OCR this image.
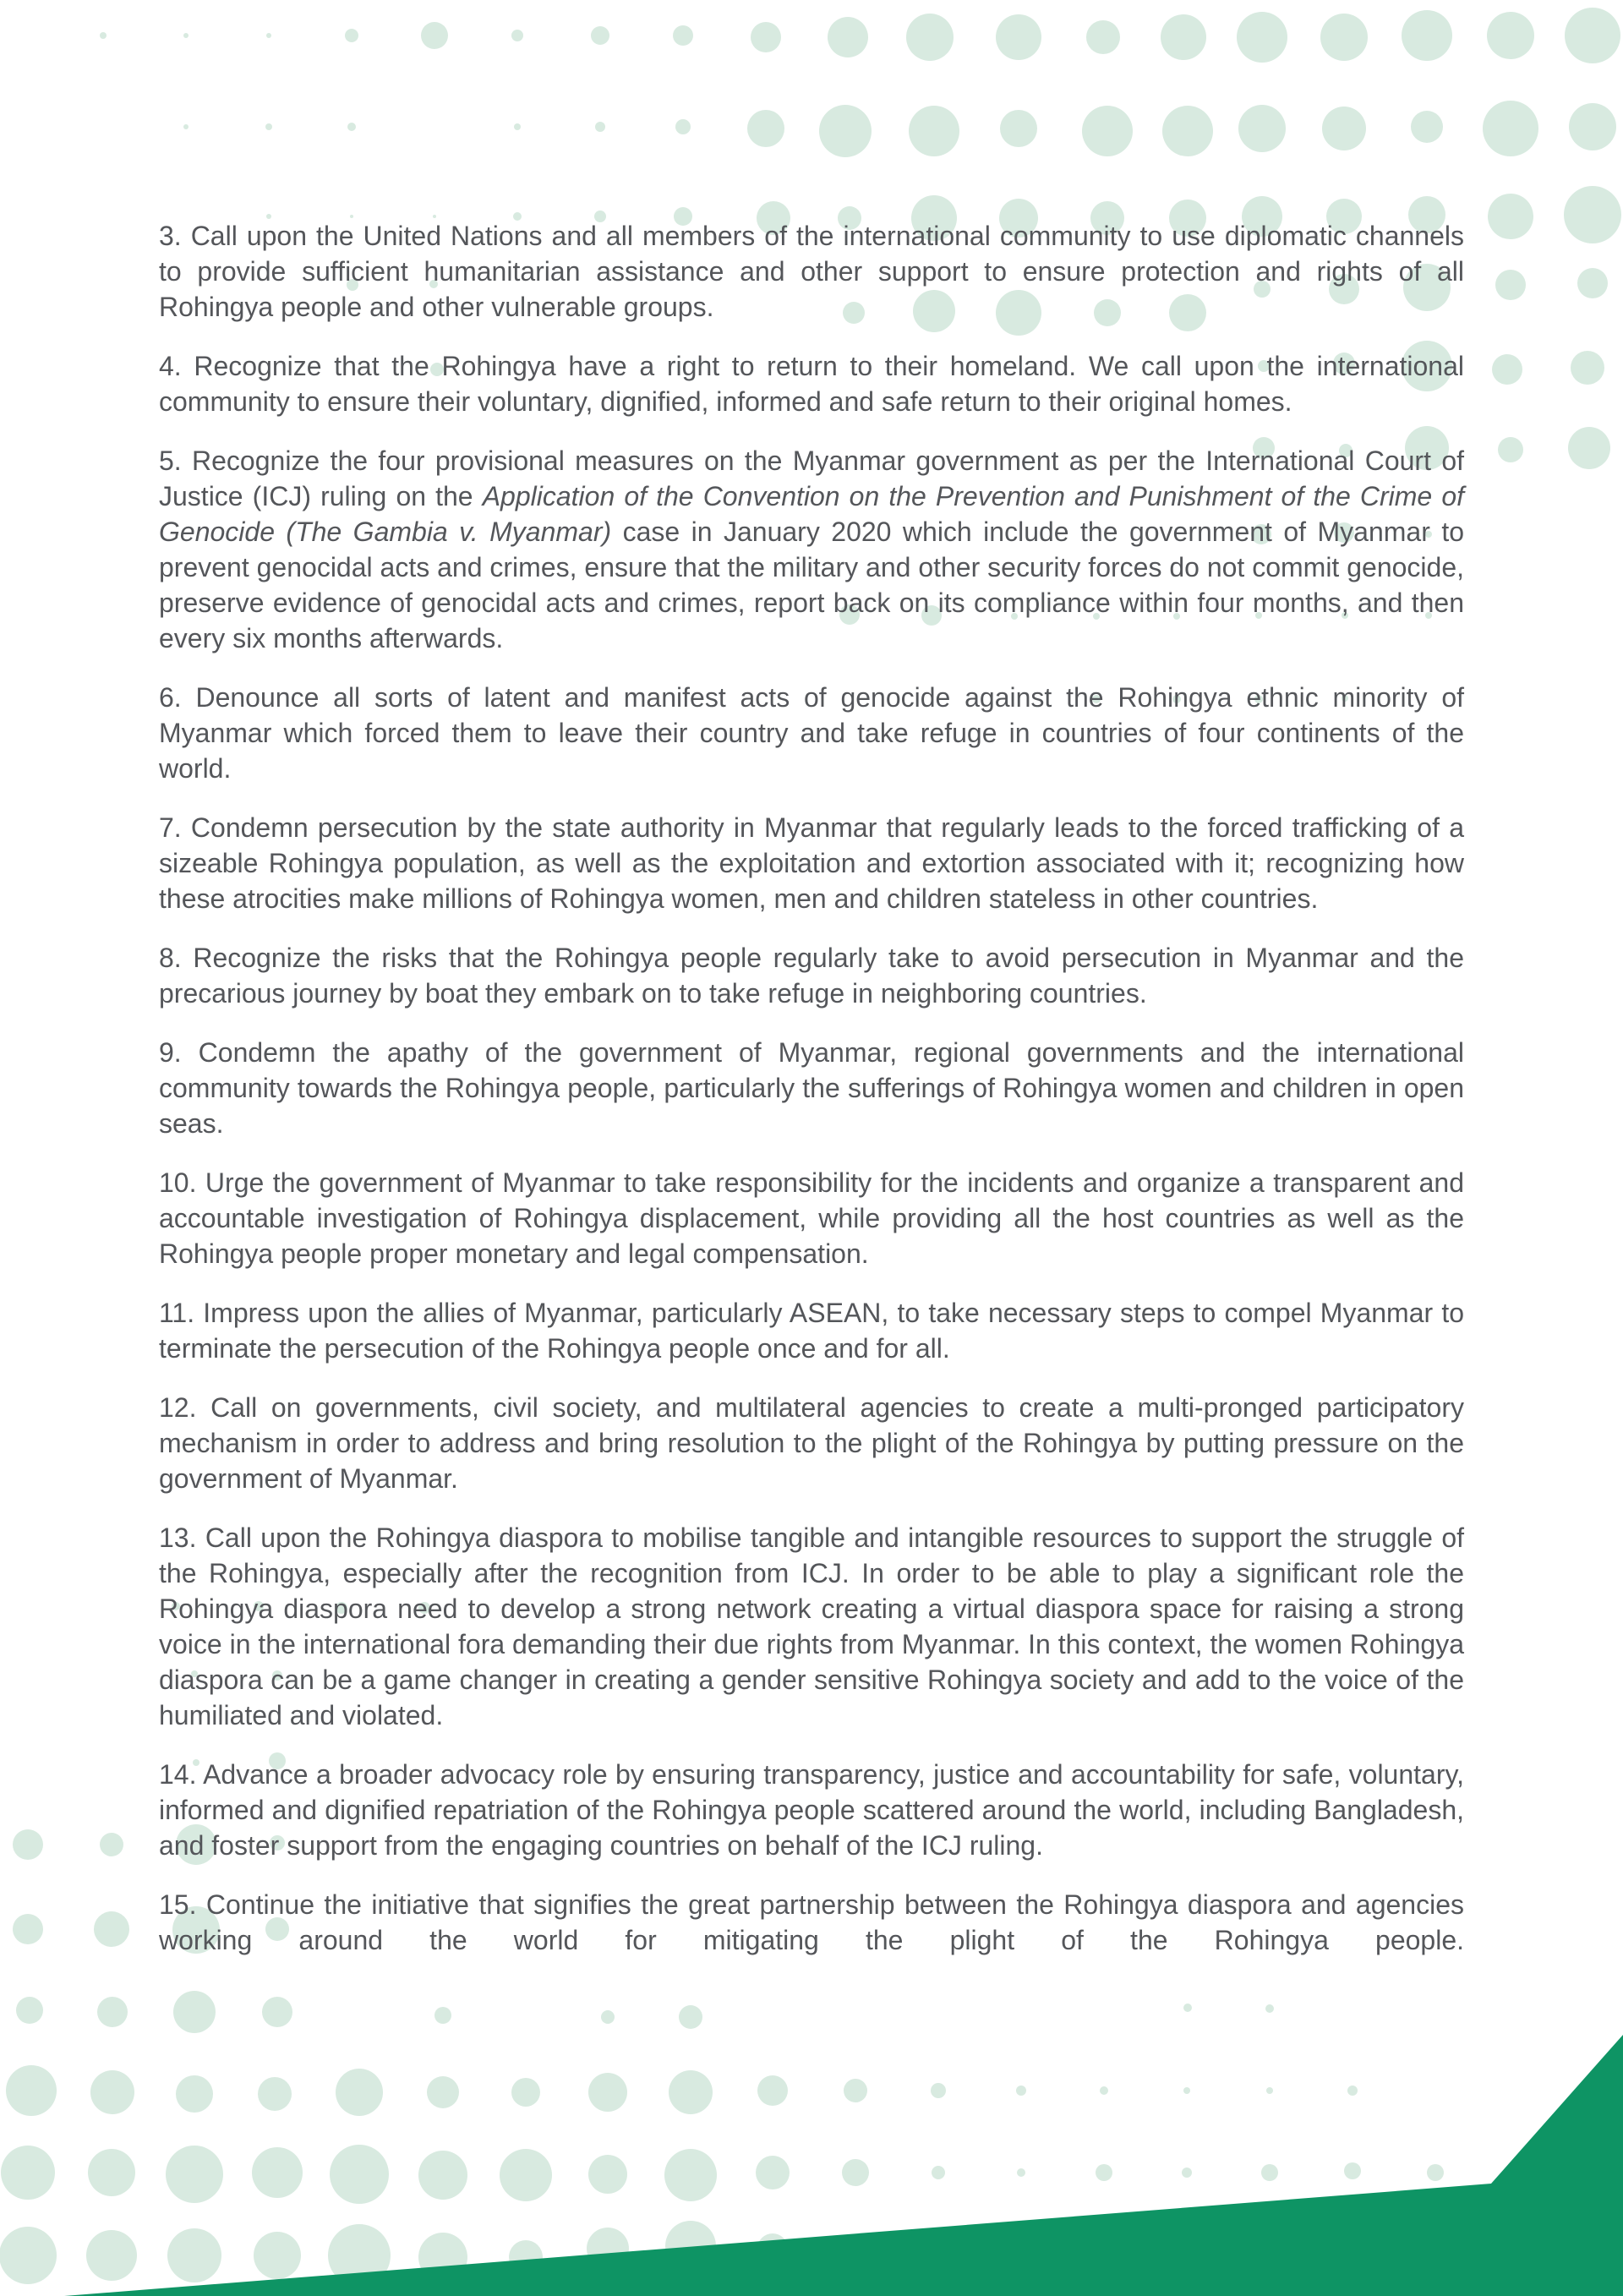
3. Call upon the United Nations and all members of the international community to use diplomatic channels to provide sufficient humanitarian assistance and other support to ensure protection and rights of all Rohingya people and other vulnerable groups.

4. Recognize that the Rohingya have a right to return to their homeland. We call upon the international community to ensure their voluntary, dignified, informed and safe return to their original homes.

5. Recognize the four provisional measures on the Myanmar government as per the International Court of Justice (ICJ) ruling on the Application of the Convention on the Prevention and Punishment of the Crime of Genocide (The Gambia v. Myanmar) case in January 2020 which include the government of Myanmar to prevent genocidal acts and crimes, ensure that the military and other security forces do not commit genocide, preserve evidence of genocidal acts and crimes, report back on its compliance within four months, and then every six months afterwards.

6. Denounce all sorts of latent and manifest acts of genocide against the Rohingya ethnic minority of Myanmar which forced them to leave their country and take refuge in countries of four continents of the world.

7. Condemn persecution by the state authority in Myanmar that regularly leads to the forced trafficking of a sizeable Rohingya population, as well as the exploitation and extortion associated with it; recognizing how these atrocities make millions of Rohingya women, men and children stateless in other countries.

8. Recognize the risks that the Rohingya people regularly take to avoid persecution in Myanmar and the precarious journey by boat they embark on to take refuge in neighboring countries.

9. Condemn the apathy of the government of Myanmar, regional governments and the international community towards the Rohingya people, particularly the sufferings of Rohingya women and children in open seas.

10. Urge the government of Myanmar to take responsibility for the incidents and organize a transparent and accountable investigation of Rohingya displacement, while providing all the host countries as well as the Rohingya people proper monetary and legal compensation.

11. Impress upon the allies of Myanmar, particularly ASEAN, to take necessary steps to compel Myanmar to terminate the persecution of the Rohingya people once and for all.

12. Call on governments, civil society, and multilateral agencies to create a multi-pronged participatory mechanism in order to address and bring resolution to the plight of the Rohingya by putting pressure on the government of Myanmar.

13. Call upon the Rohingya diaspora to mobilise tangible and intangible resources to support the struggle of the Rohingya, especially after the recognition from ICJ. In order to be able to play a significant role the Rohingya diaspora need to develop a strong network creating a virtual diaspora space for raising a strong voice in the international fora demanding their due rights from Myanmar. In this context, the women Rohingya diaspora can be a game changer in creating a gender sensitive Rohingya society and add to the voice of the humiliated and violated.

14. Advance a broader advocacy role by ensuring transparency, justice and accountability for safe, voluntary, informed and dignified repatriation of the Rohingya people scattered around the world, including Bangladesh, and foster support from the engaging countries on behalf of the ICJ ruling.

15. Continue the initiative that signifies the great partnership between the Rohingya diaspora and agencies working around the world for mitigating the plight of the Rohingya people.
